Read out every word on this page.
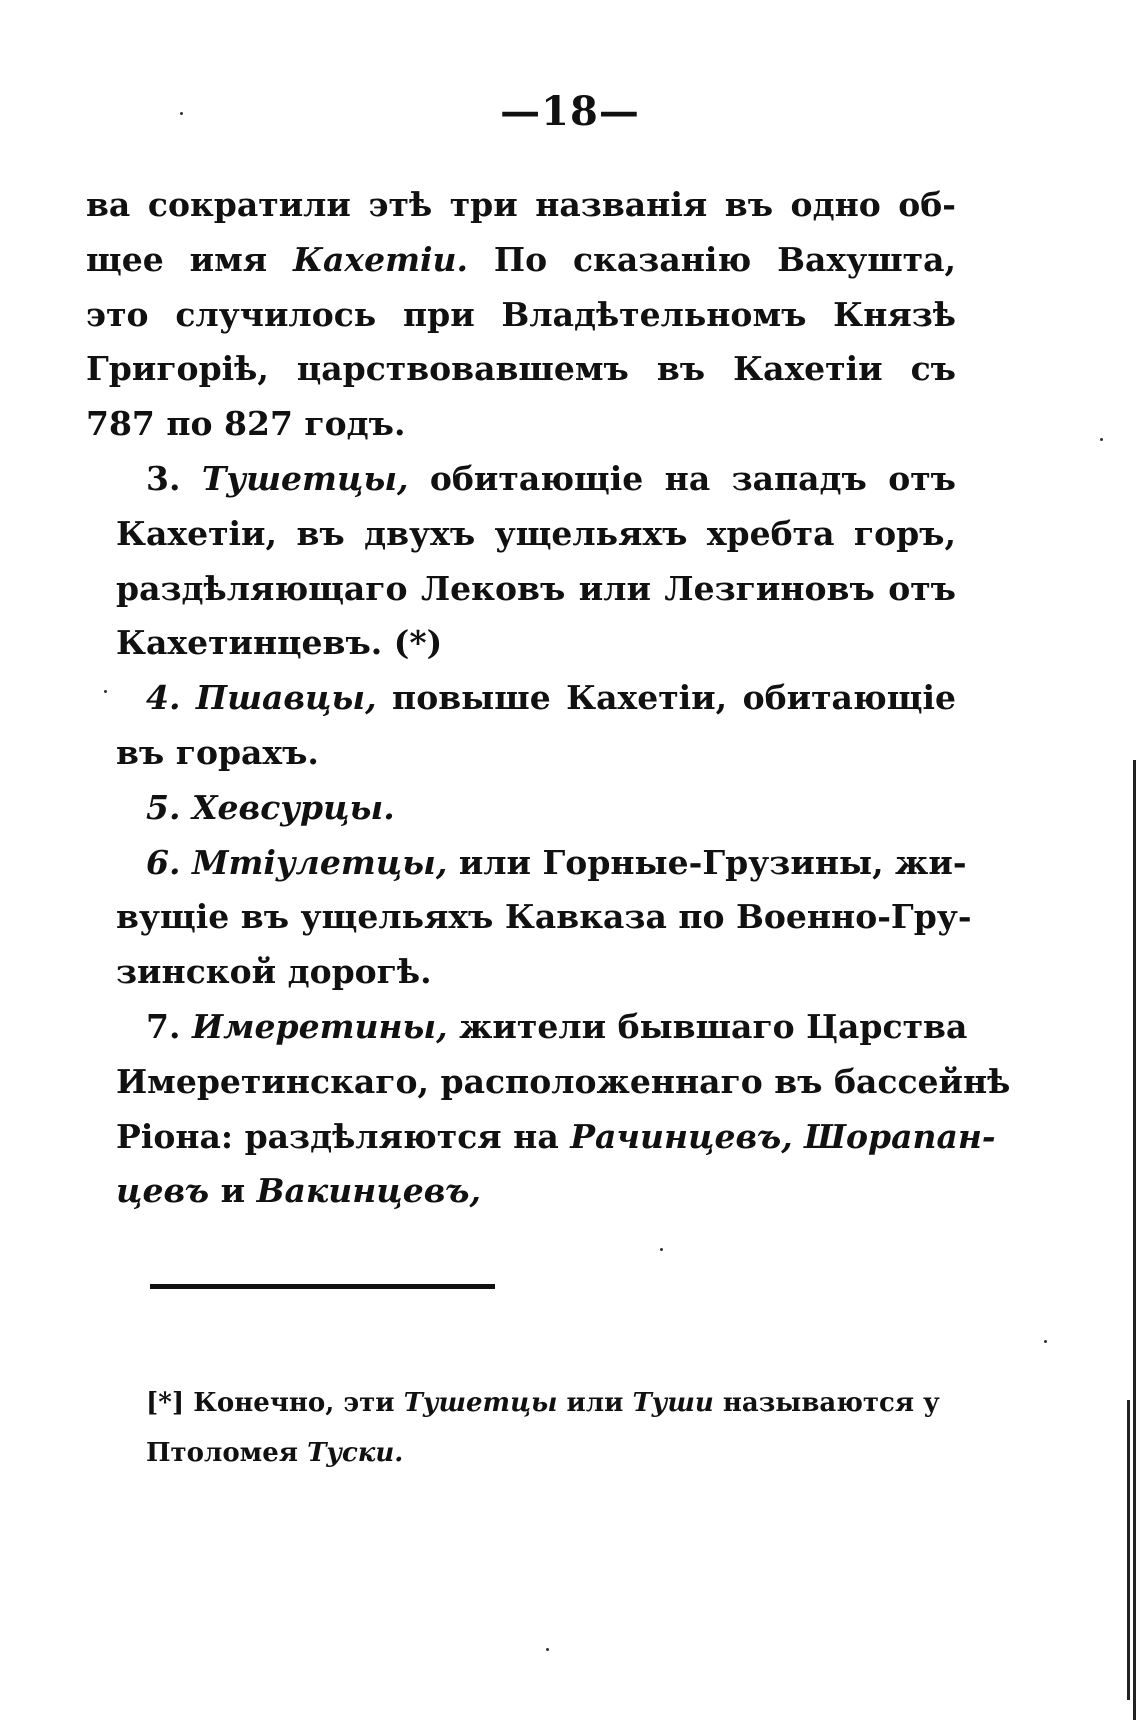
—18—
ва сократили этѣ три названія въ одно об-
щее имя Кахетіи. По сказанію Вахушта,
это случилось при Владѣтельномъ Князѣ
Григоріѣ, царствовавшемъ въ Кахетіи съ
787 по 827 годъ.
3. Тушетцы, обитающіе на западъ отъ
Кахетіи, въ двухъ ущельяхъ хребта горъ,
раздѣляющаго Лековъ или Лезгиновъ отъ
Кахетинцевъ. (*)
4. Пшавцы, повыше Кахетіи, обитающіе
въ горахъ.
5. Хевсурцы.
6. Мтіулетцы, или Горные-Грузины, жи-
вущіе въ ущельяхъ Кавказа по Военно-Гру-
зинской дорогѣ.
7. Имеретины, жители бывшаго Царства
Имеретинскаго, расположеннаго въ бассейнѣ
Ріона: раздѣляются на Рачинцевъ, Шорапан-
цевъ и Вакинцевъ,
[*] Конечно, эти Тушетцы или Туши называются у
Птоломея Туски.
